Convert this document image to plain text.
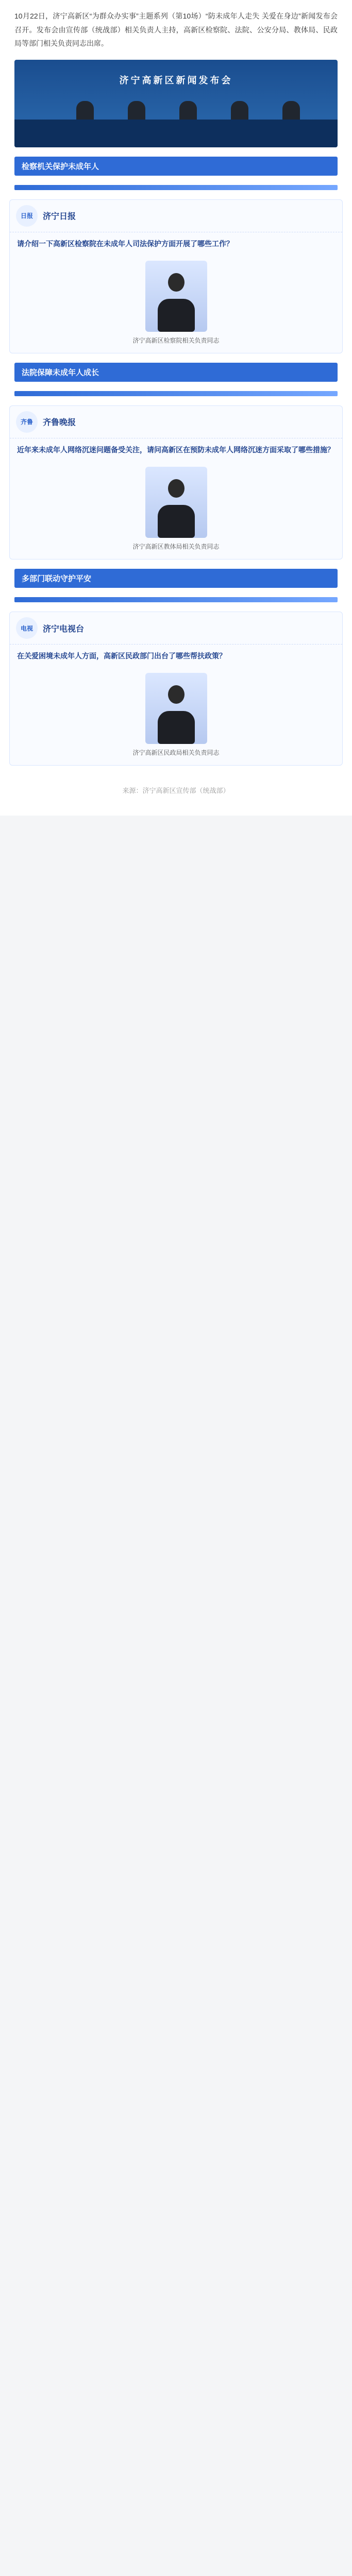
10月22日，济宁高新区“为群众办实事”主题系列（第10场）“防未成年人走失 关爱在身边”新闻发布会召开。发布会由宣传部（统战部）相关负责人主持，高新区检察院、法院、公安分局、教体局、民政局等部门相关负责同志出席。
济宁高新区新闻发布会
检察机关保护未成年人
日报	济宁日报
请介绍一下高新区检察院在未成年人司法保护方面开展了哪些工作？
济宁高新区检察院相关负责同志
法院保障未成年人成长
齐鲁	齐鲁晚报
近年来未成年人网络沉迷问题备受关注，请问高新区在预防未成年人网络沉迷方面采取了哪些措施？
济宁高新区教体局相关负责同志
多部门联动守护平安
电视	济宁电视台
在关爱困境未成年人方面，高新区民政部门出台了哪些帮扶政策？
济宁高新区民政局相关负责同志
来源：济宁高新区宣传部（统战部）
